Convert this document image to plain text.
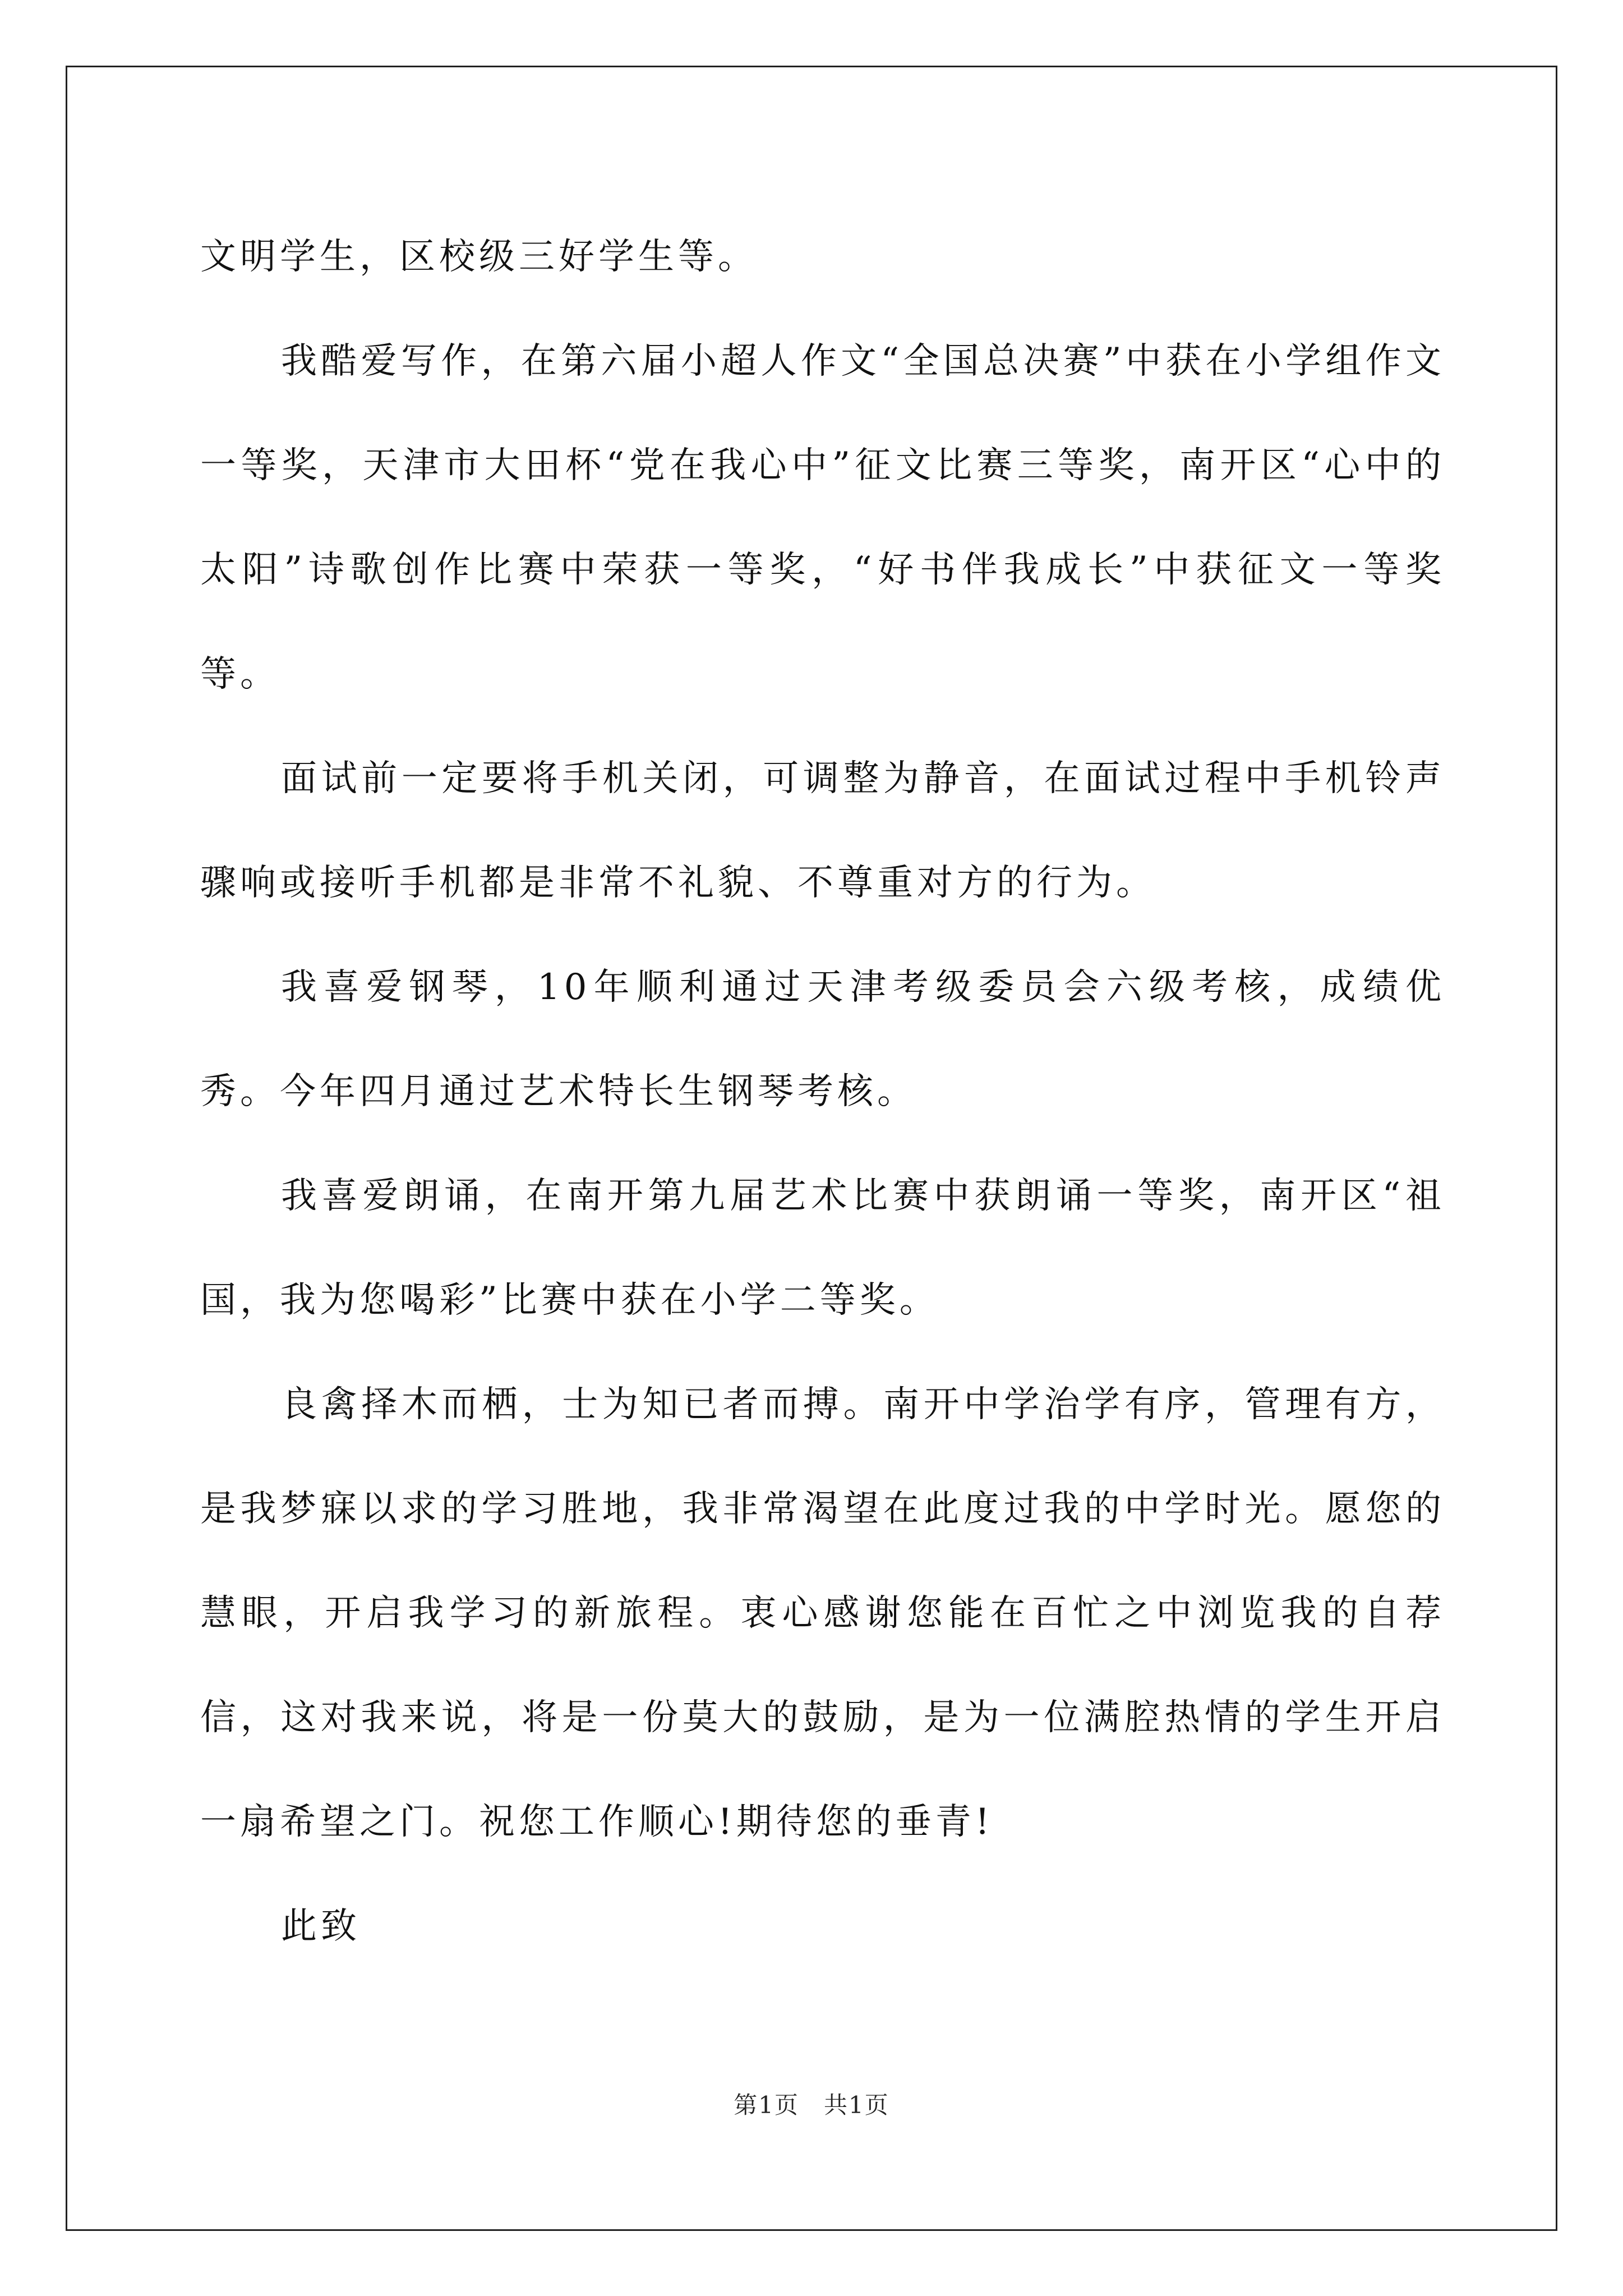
文明学生，区校级三好学生等。

我酷爱写作，在第六届小超人作文“全国总决赛”中获在小学组作文一等奖，天津市大田杯“党在我心中”征文比赛三等奖，南开区“心中的太阳”诗歌创作比赛中荣获一等奖，“好书伴我成长”中获征文一等奖等。

面试前一定要将手机关闭，可调整为静音，在面试过程中手机铃声骤响或接听手机都是非常不礼貌、不尊重对方的行为。

我喜爱钢琴，10年顺利通过天津考级委员会六级考核，成绩优秀。今年四月通过艺术特长生钢琴考核。

我喜爱朗诵，在南开第九届艺术比赛中获朗诵一等奖，南开区“祖国，我为您喝彩”比赛中获在小学二等奖。

良禽择木而栖，士为知已者而搏。南开中学治学有序，管理有方，是我梦寐以求的学习胜地，我非常渴望在此度过我的中学时光。愿您的慧眼，开启我学习的新旅程。衷心感谢您能在百忙之中浏览我的自荐信，这对我来说，将是一份莫大的鼓励，是为一位满腔热情的学生开启一扇希望之门。祝您工作顺心!期待您的垂青!

此致

第1页 共1页
